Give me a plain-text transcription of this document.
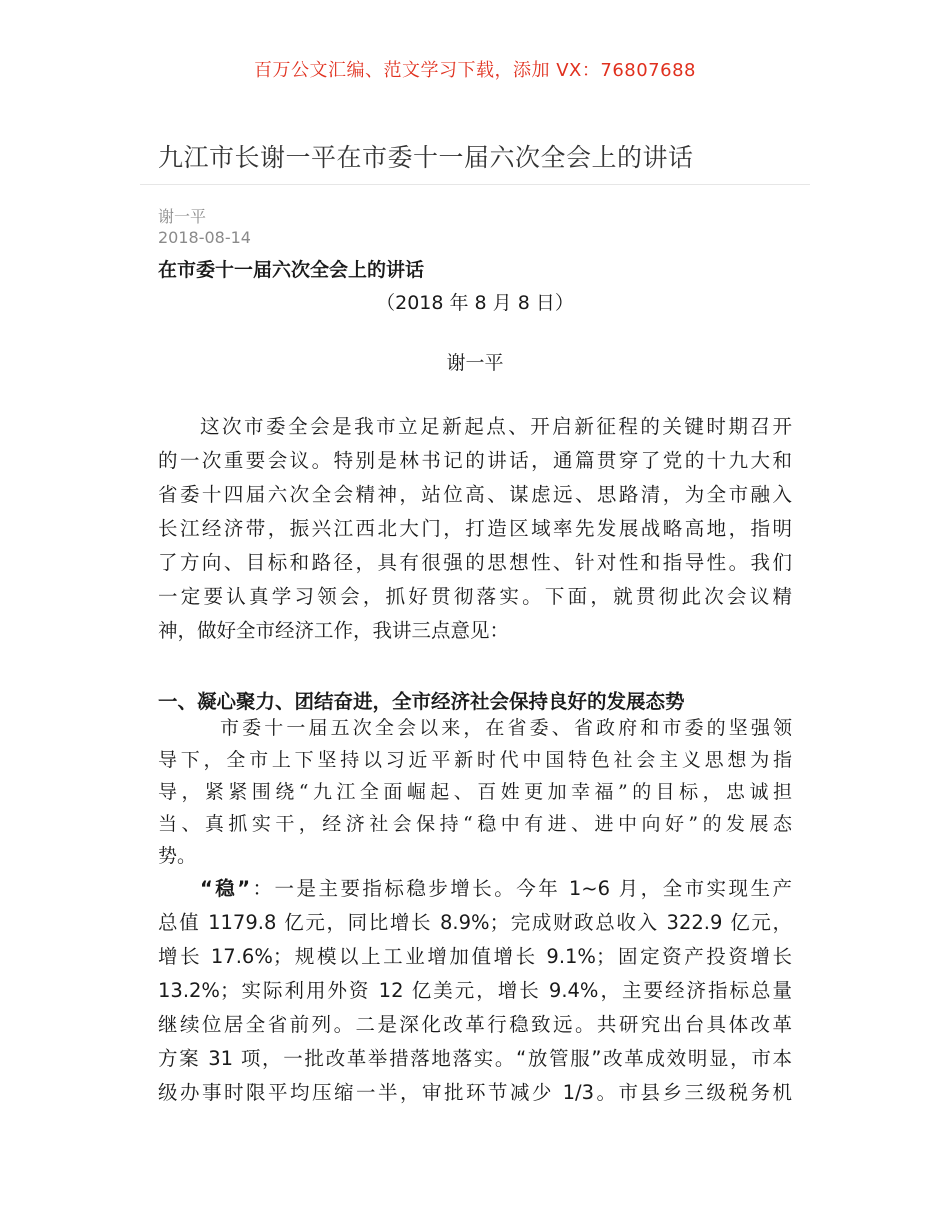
百万公文汇编、范文学习下载，添加 VX：76807688
九江市长谢一平在市委十一届六次全会上的讲话
谢一平
2018-08-14
在市委十一届六次全会上的讲话
（2018 年 8 月 8 日）
谢一平
这次市委全会是我市立足新起点、开启新征程的关键时期召开
的一次重要会议。特别是林书记的讲话，通篇贯穿了党的十九大和
省委十四届六次全会精神，站位高、谋虑远、思路清，为全市融入
长江经济带，振兴江西北大门，打造区域率先发展战略高地，指明
了方向、目标和路径，具有很强的思想性、针对性和指导性。我们
一定要认真学习领会，抓好贯彻落实。下面，就贯彻此次会议精
神，做好全市经济工作，我讲三点意见：
一、凝心聚力、团结奋进，全市经济社会保持良好的发展态势
市委十一届五次全会以来，在省委、省政府和市委的坚强领
导下，全市上下坚持以习近平新时代中国特色社会主义思想为指
导，紧紧围绕“九江全面崛起、百姓更加幸福”的目标，忠诚担
当、真抓实干，经济社会保持“稳中有进、进中向好”的发展态
势。
“稳”：一是主要指标稳步增长。今年 1~6 月，全市实现生产
总值 1179.8 亿元，同比增长 8.9%；完成财政总收入 322.9 亿元，
增长 17.6%；规模以上工业增加值增长 9.1%；固定资产投资增长
13.2%；实际利用外资 12 亿美元，增长 9.4%，主要经济指标总量
继续位居全省前列。二是深化改革行稳致远。共研究出台具体改革
方案 31 项，一批改革举措落地落实。“放管服”改革成效明显，市本
级办事时限平均压缩一半，审批环节减少 1/3。市县乡三级税务机
